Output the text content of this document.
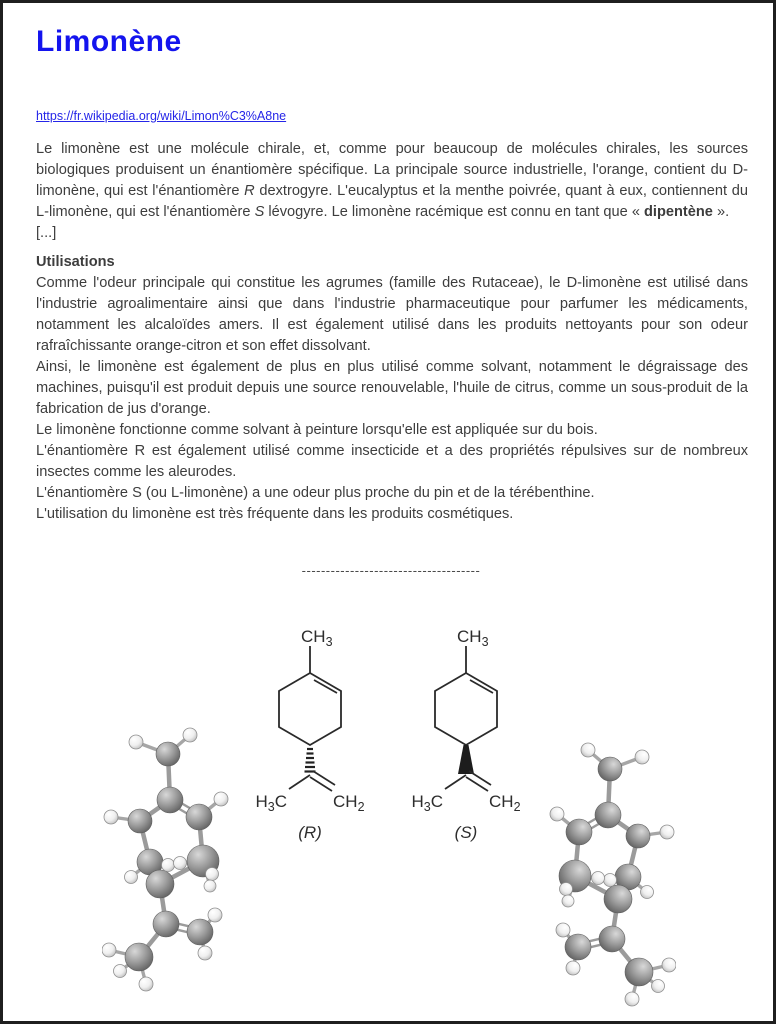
Limonène
https://fr.wikipedia.org/wiki/Limon%C3%A8ne

Le limonène est une molécule chirale, et, comme pour beaucoup de molécules chirales, les sources biologiques produisent un énantiomère spécifique. La principale source industrielle, l'orange, contient du D-limonène, qui est l'énantiomère R dextrogyre. L'eucalyptus et la menthe poivrée, quant à eux, contiennent du L-limonène, qui est l'énantiomère S lévogyre. Le limonène racémique est connu en tant que « dipentène ».

[...]

Utilisations

Comme l'odeur principale qui constitue les agrumes (famille des Rutaceae), le D-limonène est utilisé dans l'industrie agroalimentaire ainsi que dans l'industrie pharmaceutique pour parfumer les médicaments, notamment les alcaloïdes amers. Il est également utilisé dans les produits nettoyants pour son odeur rafraîchissante orange-citron et son effet dissolvant.

Ainsi, le limonène est également de plus en plus utilisé comme solvant, notamment le dégraissage des machines, puisqu'il est produit depuis une source renouvelable, l'huile de citrus, comme un sous-produit de la fabrication de jus d'orange.

Le limonène fonctionne comme solvant à peinture lorsqu'elle est appliquée sur du bois.

L'énantiomère R est également utilisé comme insecticide et a des propriétés répulsives sur de nombreux insectes comme les aleurodes.

L'énantiomère S (ou L-limonène) a une odeur plus proche du pin et de la térébenthine.

L'utilisation du limonène est très fréquente dans les produits cosmétiques.

-------------------------------------
$CH_3$
$H_3C$	$CH_2$
(R)
$CH_3$
$H_3C$	$CH_2$
(S)
